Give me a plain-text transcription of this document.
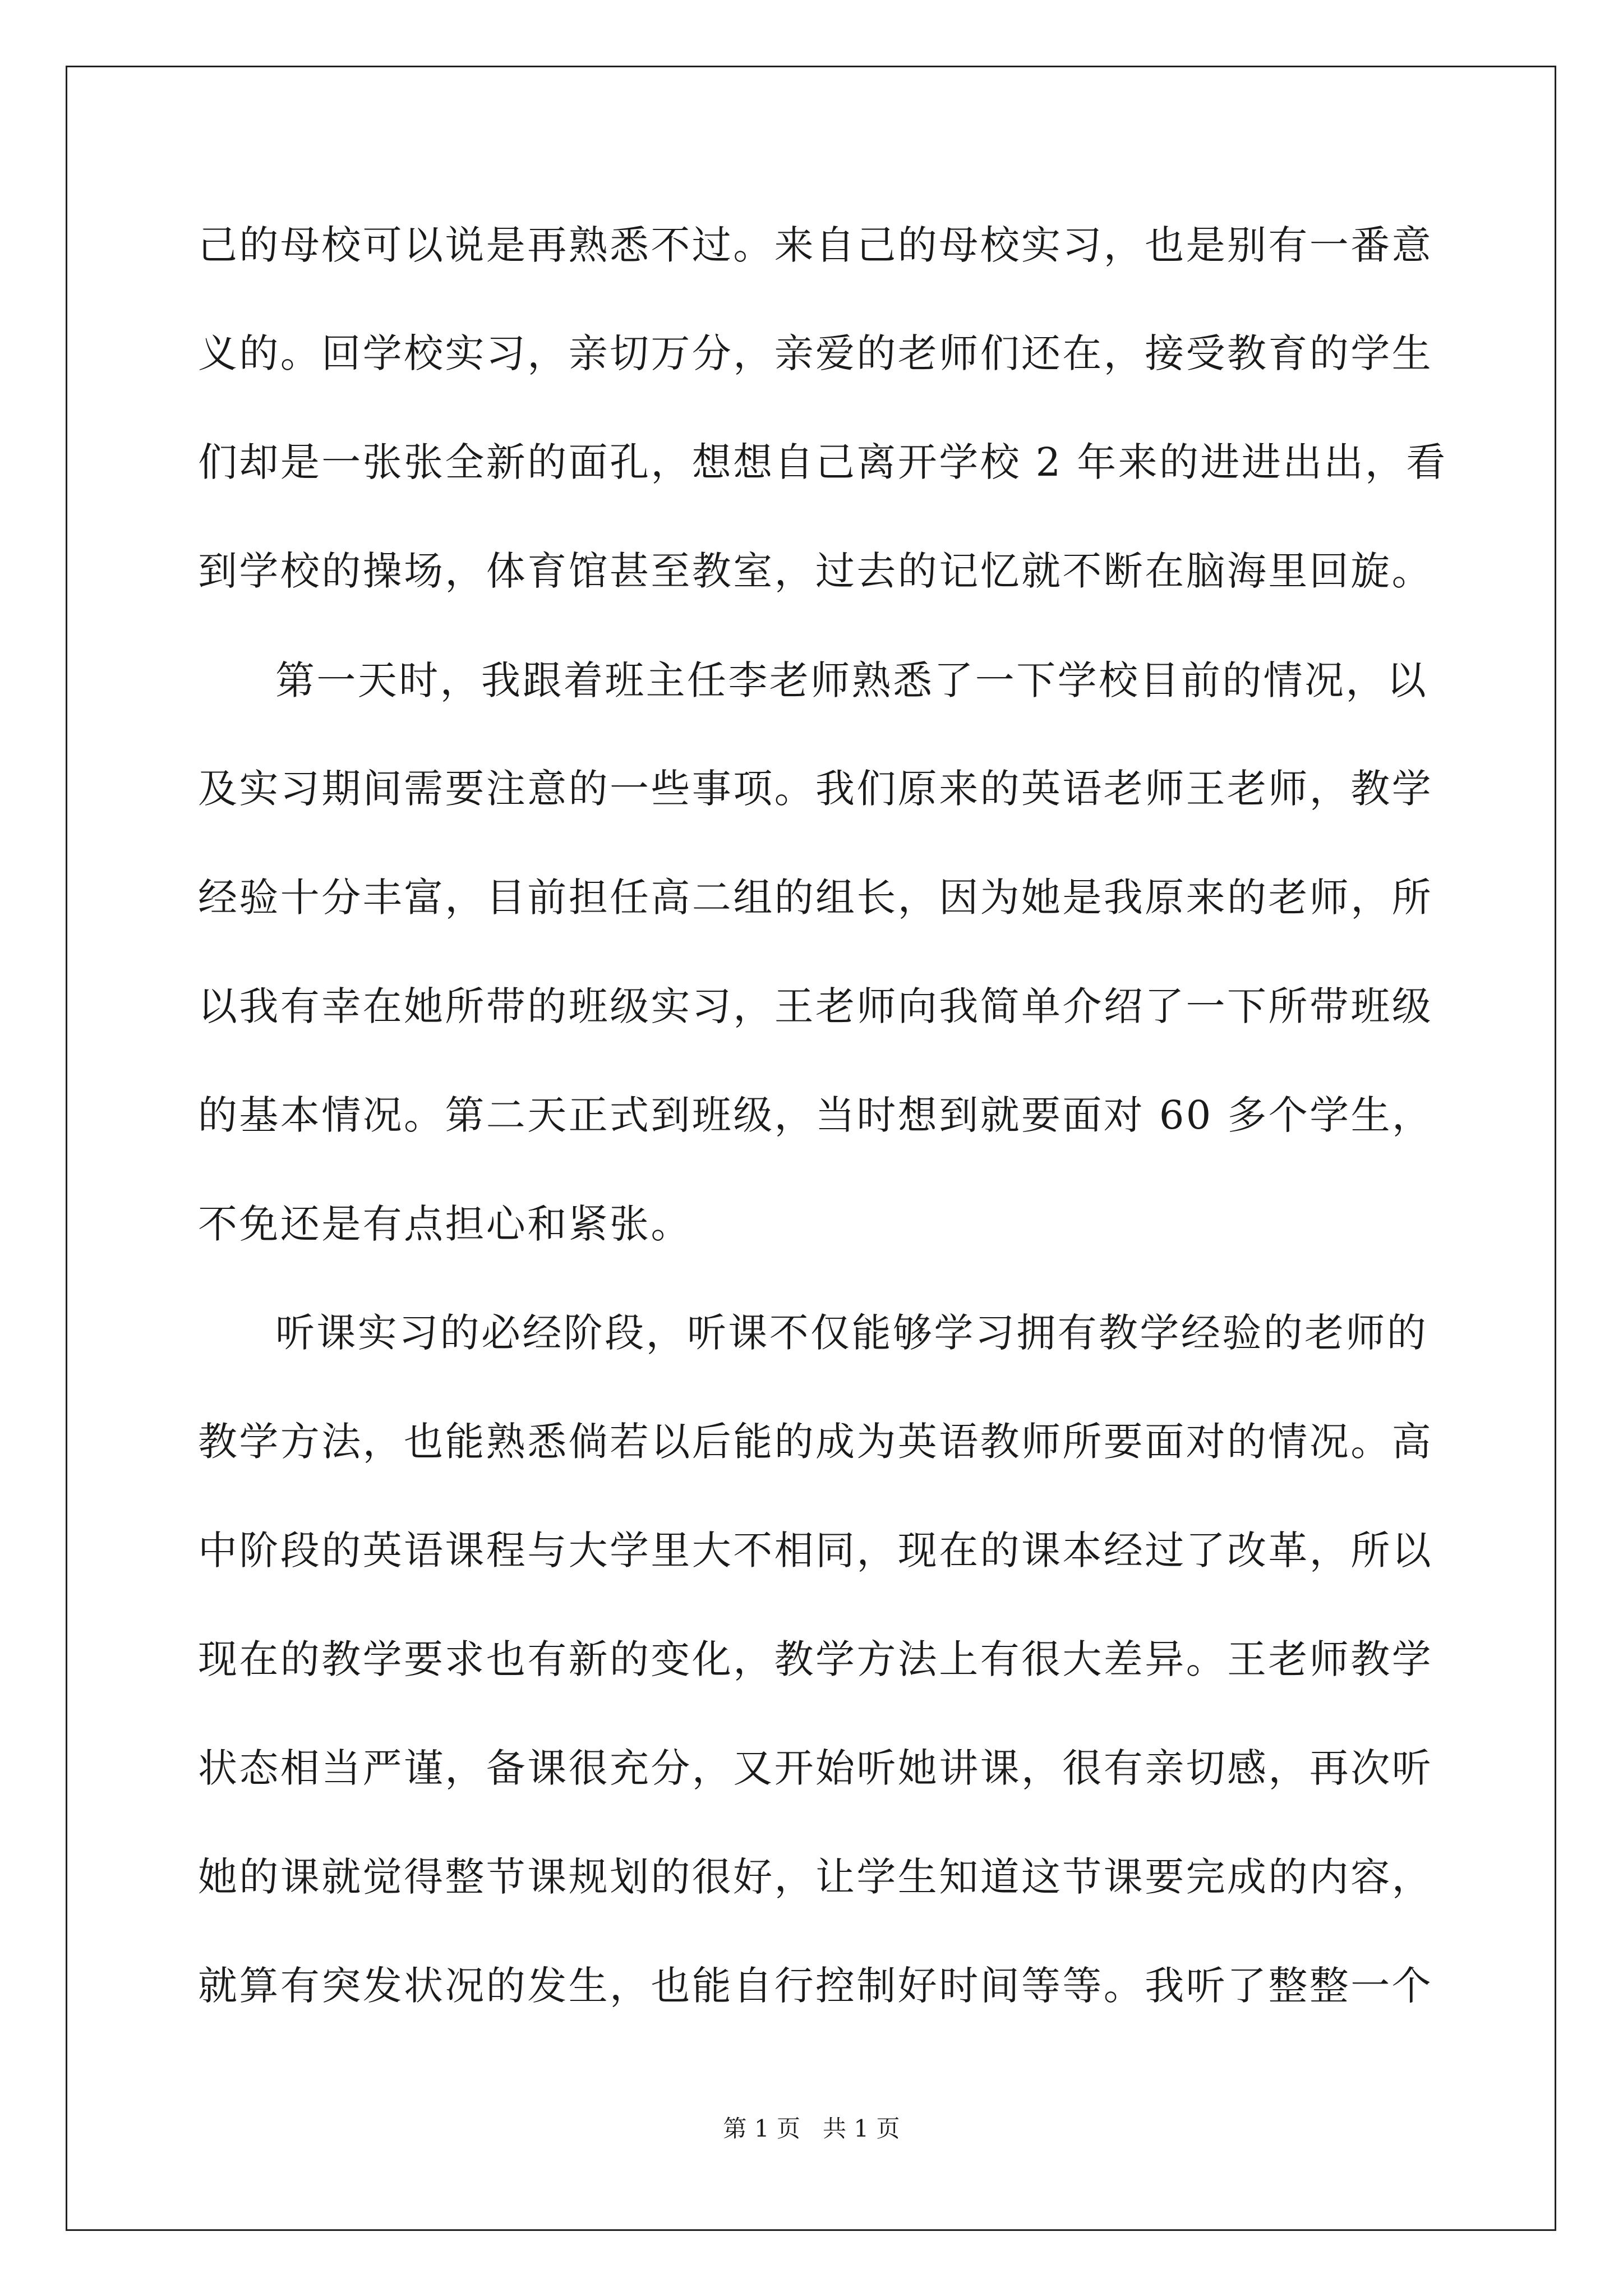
己的母校可以说是再熟悉不过。来自己的母校实习，也是别有一番意
义的。回学校实习，亲切万分，亲爱的老师们还在，接受教育的学生
们却是一张张全新的面孔，想想自己离开学校 2 年来的进进出出，看
到学校的操场，体育馆甚至教室，过去的记忆就不断在脑海里回旋。
第一天时，我跟着班主任李老师熟悉了一下学校目前的情况，以
及实习期间需要注意的一些事项。我们原来的英语老师王老师，教学
经验十分丰富，目前担任高二组的组长，因为她是我原来的老师，所
以我有幸在她所带的班级实习，王老师向我简单介绍了一下所带班级
的基本情况。第二天正式到班级，当时想到就要面对 60 多个学生，
不免还是有点担心和紧张。
听课实习的必经阶段，听课不仅能够学习拥有教学经验的老师的
教学方法，也能熟悉倘若以后能的成为英语教师所要面对的情况。高
中阶段的英语课程与大学里大不相同，现在的课本经过了改革，所以
现在的教学要求也有新的变化，教学方法上有很大差异。王老师教学
状态相当严谨，备课很充分，又开始听她讲课，很有亲切感，再次听
她的课就觉得整节课规划的很好，让学生知道这节课要完成的内容，
就算有突发状况的发生，也能自行控制好时间等等。我听了整整一个
第 1 页   共 1 页
